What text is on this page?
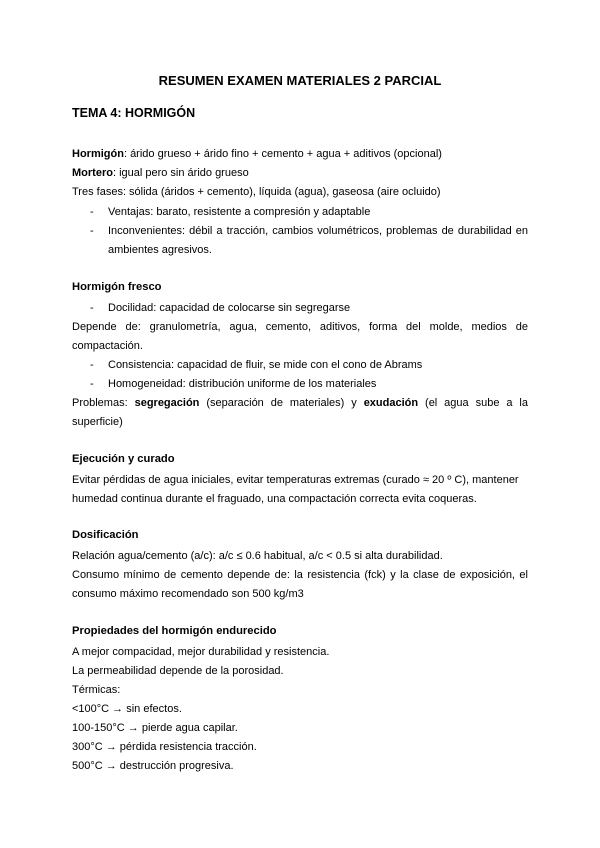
RESUMEN EXAMEN MATERIALES 2 PARCIAL
TEMA 4: HORMIGÓN
Hormigón: árido grueso + árido fino + cemento + agua + aditivos (opcional)
Mortero: igual pero sin árido grueso
Tres fases: sólida (áridos + cemento), líquida (agua), gaseosa (aire ocluido)
- Ventajas: barato, resistente a compresión y adaptable
- Inconvenientes: débil a tracción, cambios volumétricos, problemas de durabilidad en
ambientes agresivos.
Hormigón fresco
- Docilidad: capacidad de colocarse sin segregarse
Depende de: granulometría, agua, cemento, aditivos, forma del molde, medios de
compactación.
- Consistencia: capacidad de fluir, se mide con el cono de Abrams
- Homogeneidad: distribución uniforme de los materiales
Problemas: segregación (separación de materiales) y exudación (el agua sube a la
superficie)
Ejecución y curado
Evitar pérdidas de agua iniciales, evitar temperaturas extremas (curado ≈ 20 º C), mantener
humedad continua durante el fraguado, una compactación correcta evita coqueras.
Dosificación
Relación agua/cemento (a/c): a/c ≤ 0.6 habitual, a/c < 0.5 si alta durabilidad.
Consumo mínimo de cemento depende de: la resistencia (fck) y la clase de exposición, el
consumo máximo recomendado son 500 kg/m3
Propiedades del hormigón endurecido
A mejor compacidad, mejor durabilidad y resistencia.
La permeabilidad depende de la porosidad.
Térmicas:
<100°C → sin efectos.
100-150°C → pierde agua capilar.
300°C → pérdida resistencia tracción.
500°C → destrucción progresiva.
